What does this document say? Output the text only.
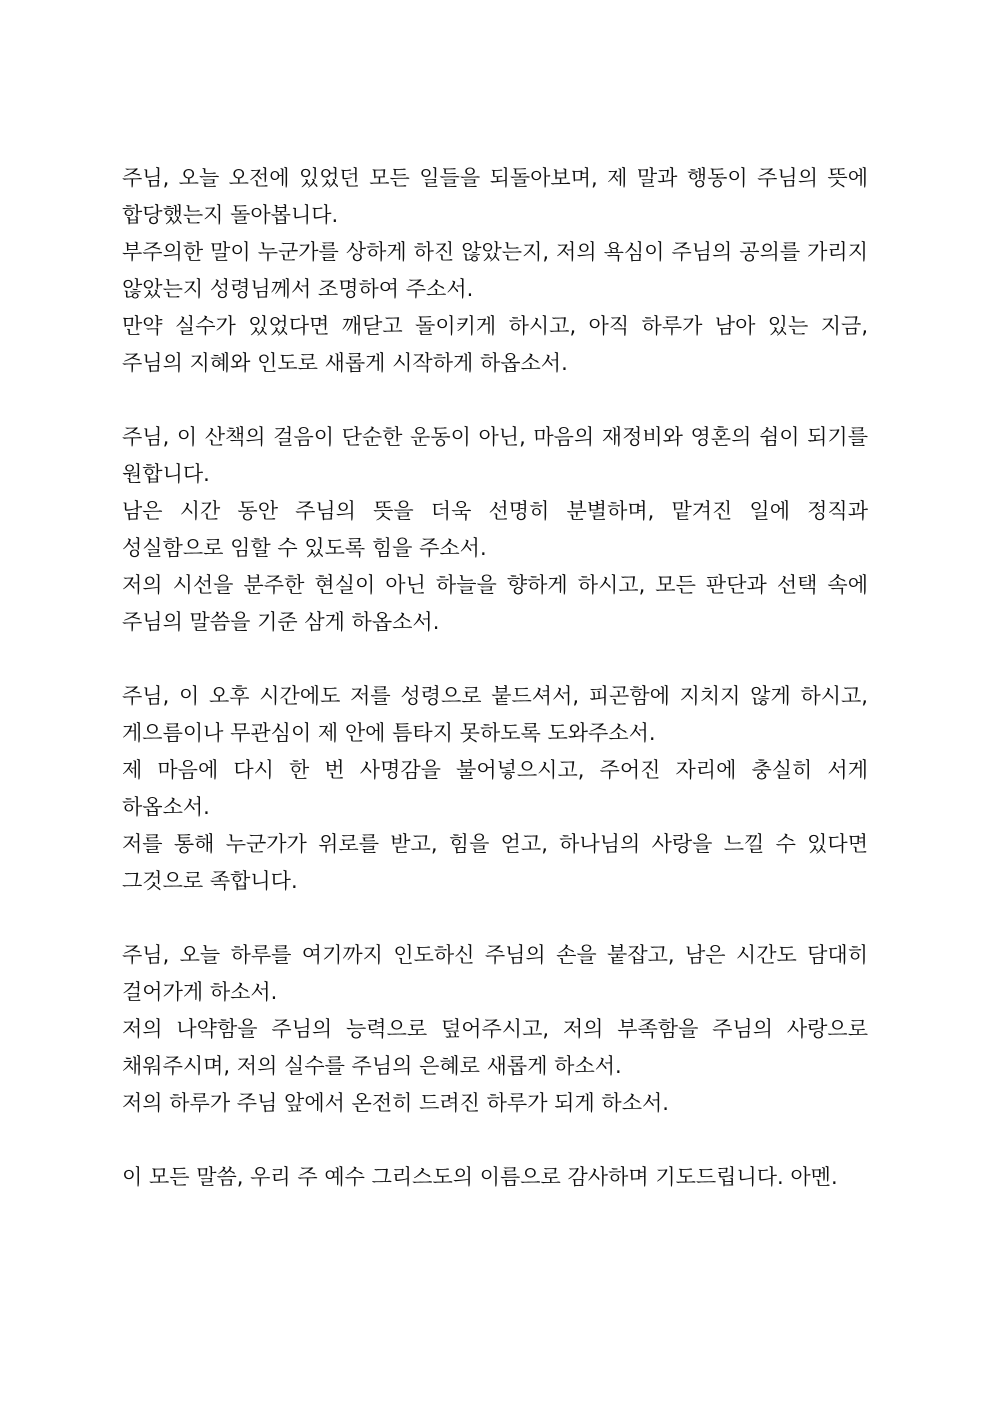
주님, 오늘 오전에 있었던 모든 일들을 되돌아보며, 제 말과 행동이 주님의 뜻에 합당했는지 돌아봅니다.

부주의한 말이 누군가를 상하게 하진 않았는지, 저의 욕심이 주님의 공의를 가리지 않았는지 성령님께서 조명하여 주소서.

만약 실수가 있었다면 깨닫고 돌이키게 하시고, 아직 하루가 남아 있는 지금, 주님의 지혜와 인도로 새롭게 시작하게 하옵소서.

주님, 이 산책의 걸음이 단순한 운동이 아닌, 마음의 재정비와 영혼의 쉼이 되기를 원합니다.

남은 시간 동안 주님의 뜻을 더욱 선명히 분별하며, 맡겨진 일에 정직과 성실함으로 임할 수 있도록 힘을 주소서.

저의 시선을 분주한 현실이 아닌 하늘을 향하게 하시고, 모든 판단과 선택 속에 주님의 말씀을 기준 삼게 하옵소서.

주님, 이 오후 시간에도 저를 성령으로 붙드셔서, 피곤함에 지치지 않게 하시고, 게으름이나 무관심이 제 안에 틈타지 못하도록 도와주소서.

제 마음에 다시 한 번 사명감을 불어넣으시고, 주어진 자리에 충실히 서게 하옵소서.

저를 통해 누군가가 위로를 받고, 힘을 얻고, 하나님의 사랑을 느낄 수 있다면 그것으로 족합니다.

주님, 오늘 하루를 여기까지 인도하신 주님의 손을 붙잡고, 남은 시간도 담대히 걸어가게 하소서.

저의 나약함을 주님의 능력으로 덮어주시고, 저의 부족함을 주님의 사랑으로 채워주시며, 저의 실수를 주님의 은혜로 새롭게 하소서.

저의 하루가 주님 앞에서 온전히 드려진 하루가 되게 하소서.

이 모든 말씀, 우리 주 예수 그리스도의 이름으로 감사하며 기도드립니다. 아멘.
